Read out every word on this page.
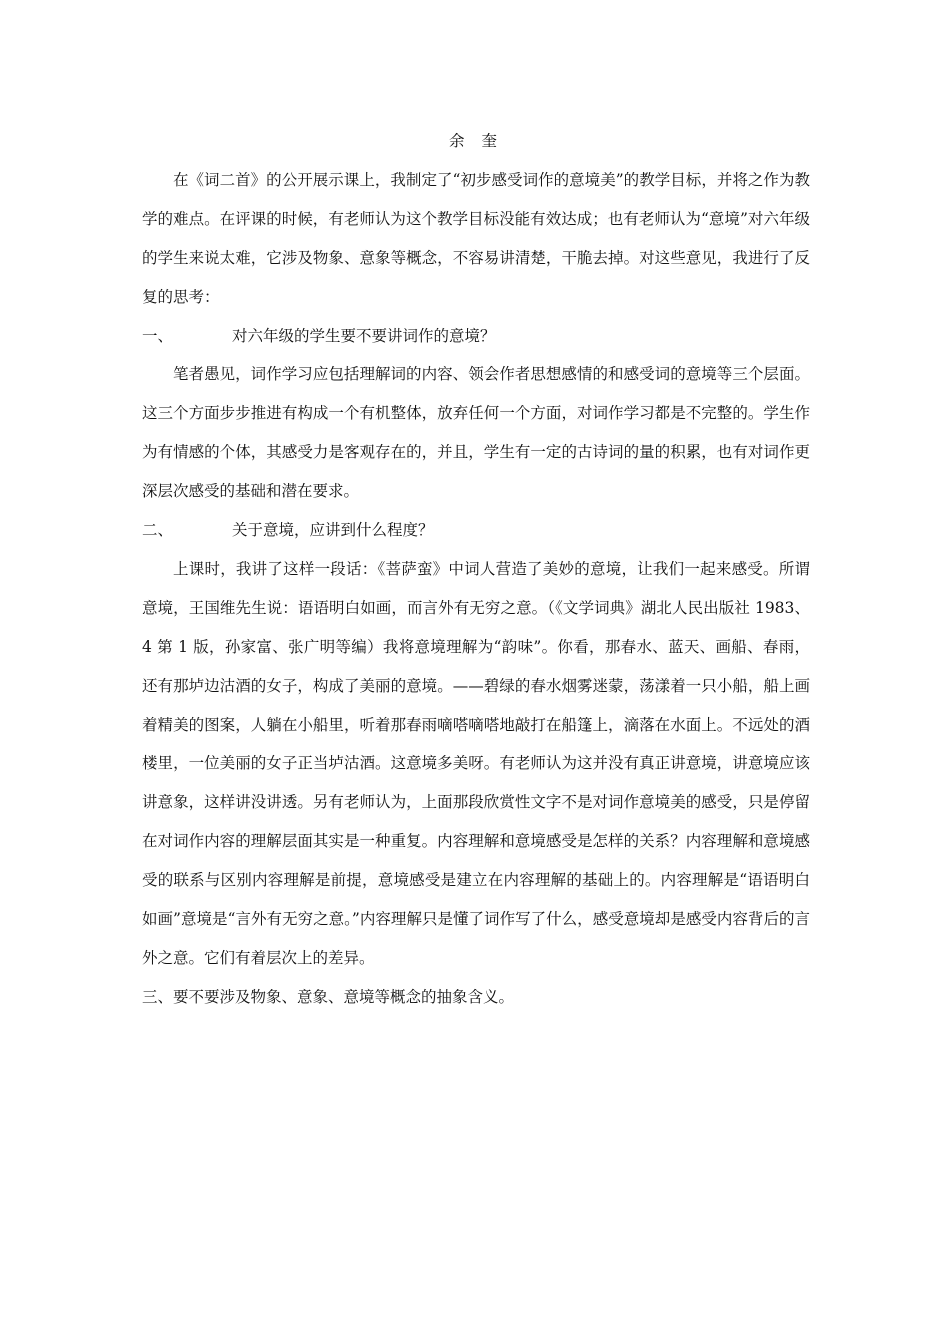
余 奎

在《词二首》的公开展示课上，我制定了“初步感受词作的意境美”的教学目标，并将之作为教学的难点。在评课的时候，有老师认为这个教学目标没能有效达成；也有老师认为“意境”对六年级的学生来说太难，它涉及物象、意象等概念，不容易讲清楚，干脆去掉。对这些意见，我进行了反复的思考：

一、	对六年级的学生要不要讲词作的意境？

笔者愚见，词作学习应包括理解词的内容、领会作者思想感情的和感受词的意境等三个层面。这三个方面步步推进有构成一个有机整体，放弃任何一个方面，对词作学习都是不完整的。学生作为有情感的个体，其感受力是客观存在的，并且，学生有一定的古诗词的量的积累，也有对词作更深层次感受的基础和潜在要求。

二、	关于意境，应讲到什么程度？

上课时，我讲了这样一段话：《菩萨蛮》中词人营造了美妙的意境，让我们一起来感受。所谓意境，王国维先生说：语语明白如画，而言外有无穷之意。（《文学词典》湖北人民出版社 1983、4 第 1 版，孙家富、张广明等编）我将意境理解为“韵味”。你看，那春水、蓝天、画船、春雨，还有那垆边沽酒的女子，构成了美丽的意境。——碧绿的春水烟雾迷蒙，荡漾着一只小船，船上画着精美的图案，人躺在小船里，听着那春雨嘀嗒嘀嗒地敲打在船篷上，滴落在水面上。不远处的酒楼里，一位美丽的女子正当垆沽酒。这意境多美呀。有老师认为这并没有真正讲意境，讲意境应该讲意象，这样讲没讲透。另有老师认为，上面那段欣赏性文字不是对词作意境美的感受，只是停留在对词作内容的理解层面其实是一种重复。内容理解和意境感受是怎样的关系？内容理解和意境感受的联系与区别内容理解是前提，意境感受是建立在内容理解的基础上的。内容理解是“语语明白如画”意境是“言外有无穷之意。”内容理解只是懂了词作写了什么，感受意境却是感受内容背后的言外之意。它们有着层次上的差异。

三、要不要涉及物象、意象、意境等概念的抽象含义。
